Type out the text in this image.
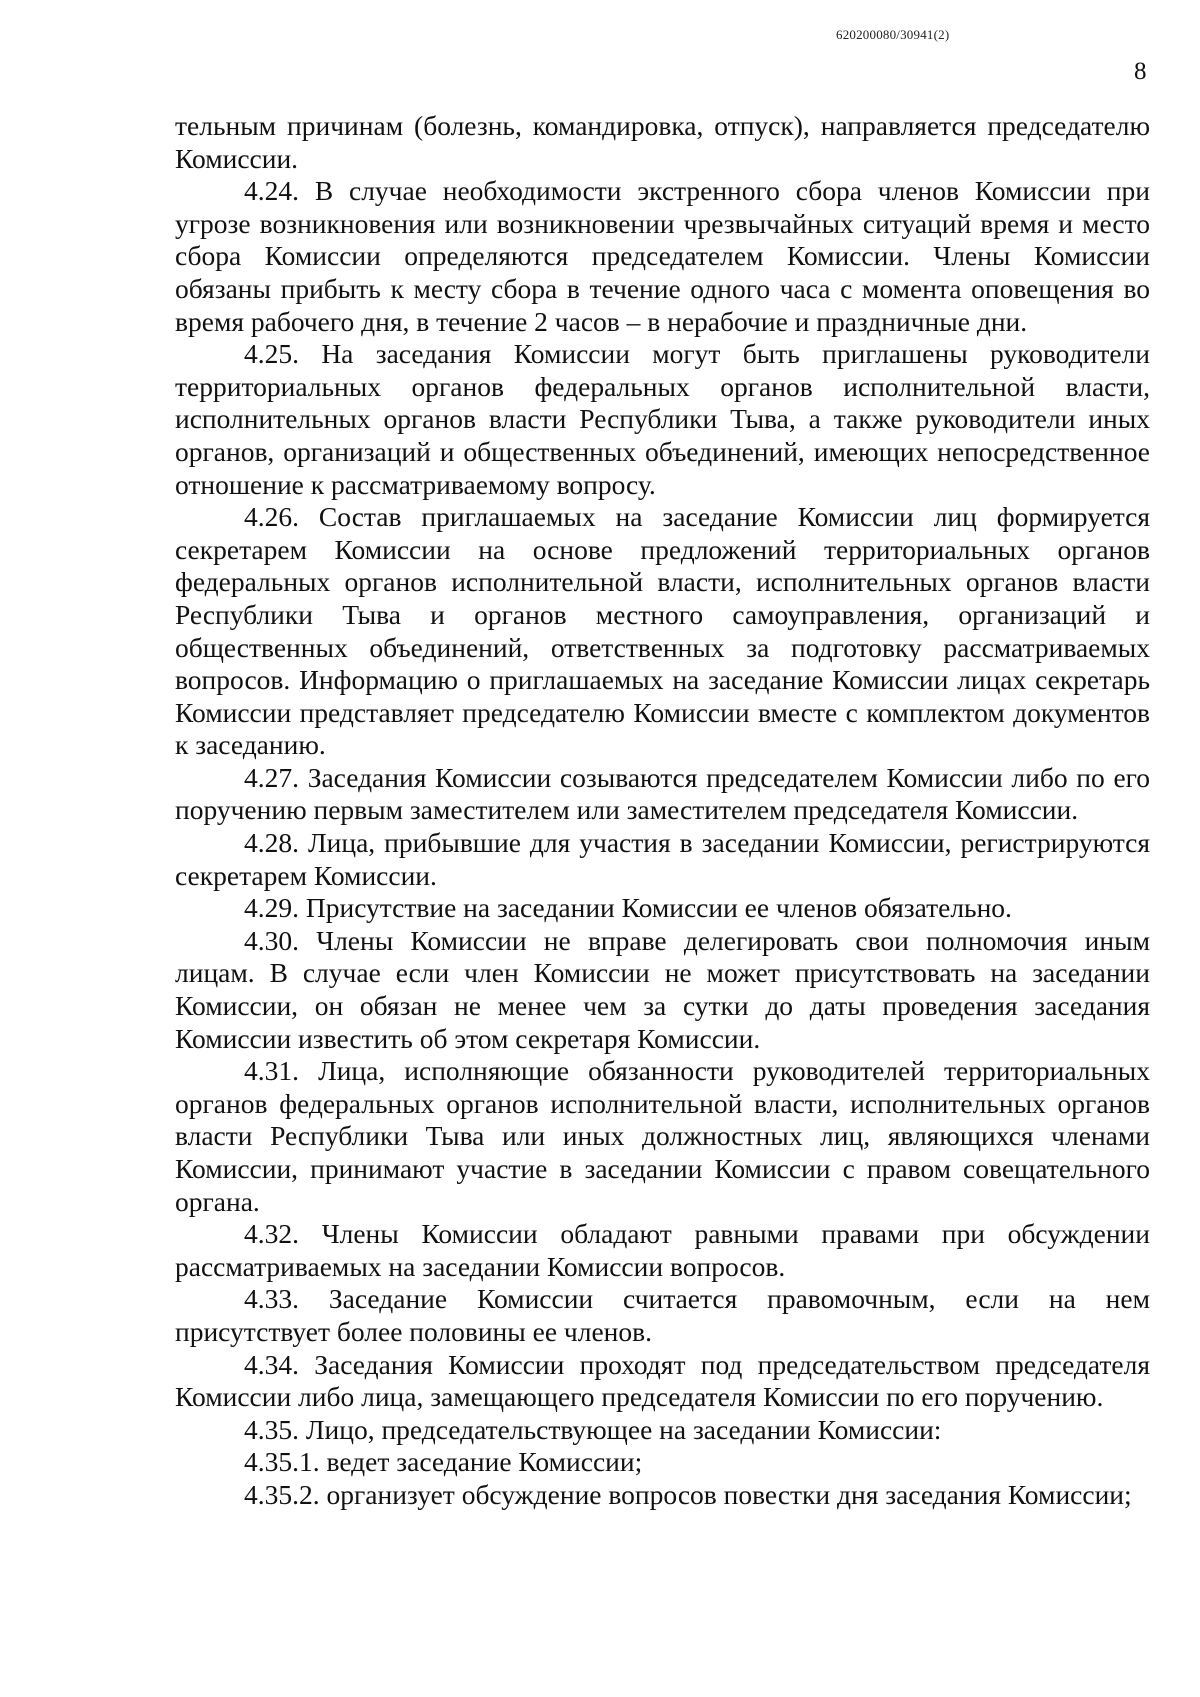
620200080/30941(2)
8

тельным причинам (болезнь, командировка, отпуск), направляется председателю Комиссии.

4.24. В случае необходимости экстренного сбора членов Комиссии при угрозе возникновения или возникновении чрезвычайных ситуаций время и место сбора Комиссии определяются председателем Комиссии. Члены Комиссии обязаны прибыть к месту сбора в течение одного часа с момента оповещения во время рабочего дня, в течение 2 часов – в нерабочие и праздничные дни.

4.25. На заседания Комиссии могут быть приглашены руководители территориальных органов федеральных органов исполнительной власти, исполнительных органов власти Республики Тыва, а также руководители иных органов, организаций и общественных объединений, имеющих непосредственное отношение к рассматриваемому вопросу.

4.26. Состав приглашаемых на заседание Комиссии лиц формируется секретарем Комиссии на основе предложений территориальных органов федеральных органов исполнительной власти, исполнительных органов власти Республики Тыва и органов местного самоуправления, организаций и общественных объединений, ответственных за подготовку рассматриваемых вопросов. Информацию о приглашаемых на заседание Комиссии лицах секретарь Комиссии представляет председателю Комиссии вместе с комплектом документов к заседанию.

4.27. Заседания Комиссии созываются председателем Комиссии либо по его поручению первым заместителем или заместителем председателя Комиссии.

4.28. Лица, прибывшие для участия в заседании Комиссии, регистрируются секретарем Комиссии.

4.29. Присутствие на заседании Комиссии ее членов обязательно.

4.30. Члены Комиссии не вправе делегировать свои полномочия иным лицам. В случае если член Комиссии не может присутствовать на заседании Комиссии, он обязан не менее чем за сутки до даты проведения заседания Комиссии известить об этом секретаря Комиссии.

4.31. Лица, исполняющие обязанности руководителей территориальных органов федеральных органов исполнительной власти, исполнительных органов власти Республики Тыва или иных должностных лиц, являющихся членами Комиссии, принимают участие в заседании Комиссии с правом совещательного органа.

4.32. Члены Комиссии обладают равными правами при обсуждении рассматриваемых на заседании Комиссии вопросов.

4.33. Заседание Комиссии считается правомочным, если на нем присутствует более половины ее членов.

4.34. Заседания Комиссии проходят под председательством председателя Комиссии либо лица, замещающего председателя Комиссии по его поручению.

4.35. Лицо, председательствующее на заседании Комиссии:

4.35.1. ведет заседание Комиссии;

4.35.2. организует обсуждение вопросов повестки дня заседания Комиссии;
